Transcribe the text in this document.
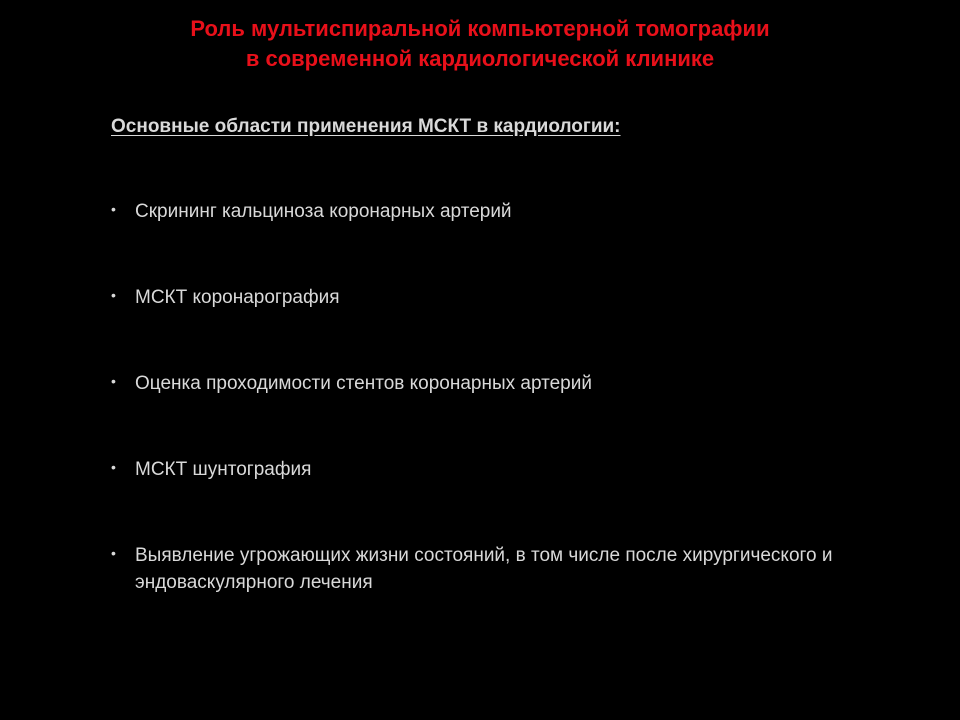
Роль мультиспиральной компьютерной томографии
в современной кардиологической клинике
Основные области применения МСКТ в кардиологии:
• Скрининг кальциноза коронарных артерий
• МСКТ коронарография
• Оценка проходимости стентов коронарных артерий
• МСКТ шунтография
• Выявление угрожающих жизни состояний, в том числе после хирургического и эндоваскулярного лечения
